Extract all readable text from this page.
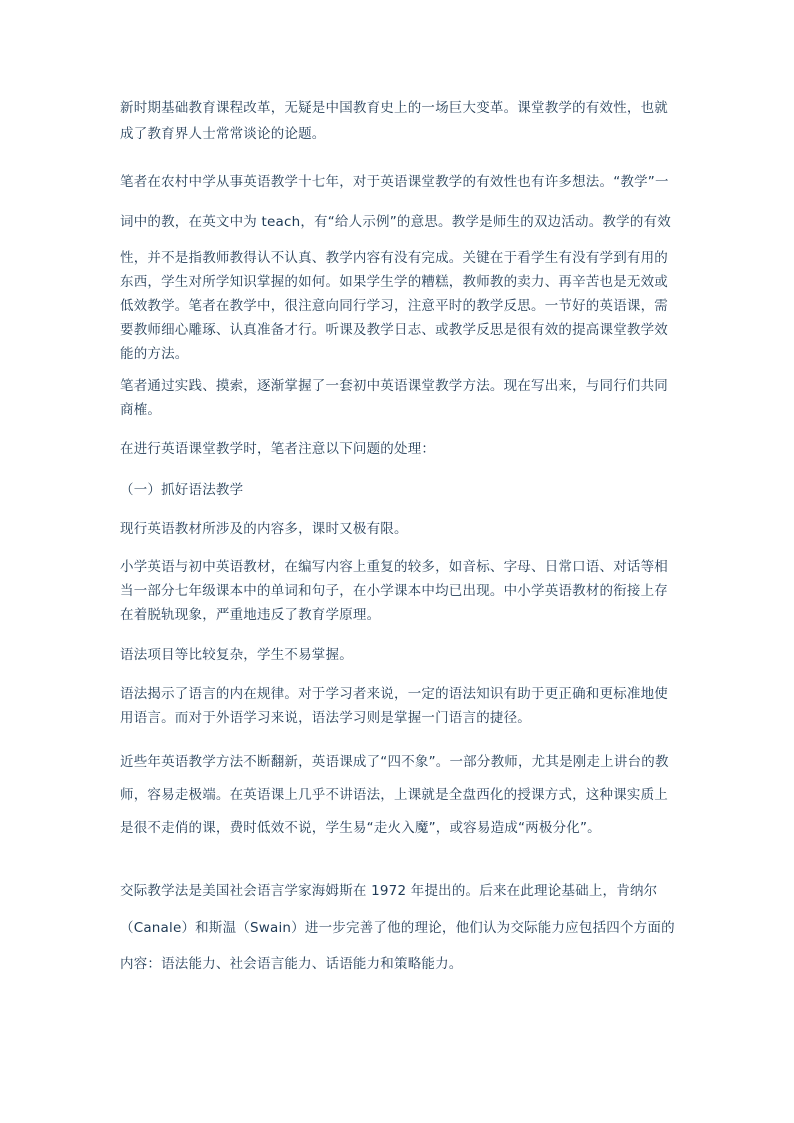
新时期基础教育课程改革，无疑是中国教育史上的一场巨大变革。课堂教学的有效性，也就

成了教育界人士常常谈论的论题。

笔者在农村中学从事英语教学十七年，对于英语课堂教学的有效性也有许多想法。“教学”一

词中的教，在英文中为 teach，有“给人示例”的意思。教学是师生的双边活动。教学的有效

性，并不是指教师教得认不认真、教学内容有没有完成。关键在于看学生有没有学到有用的

东西，学生对所学知识掌握的如何。如果学生学的糟糕，教师教的卖力、再辛苦也是无效或

低效教学。笔者在教学中，很注意向同行学习，注意平时的教学反思。一节好的英语课，需

要教师细心雕琢、认真准备才行。听课及教学日志、或教学反思是很有效的提高课堂教学效

能的方法。

笔者通过实践、摸索，逐渐掌握了一套初中英语课堂教学方法。现在写出来，与同行们共同

商榷。

在进行英语课堂教学时，笔者注意以下问题的处理：

（一）抓好语法教学

现行英语教材所涉及的内容多，课时又极有限。

小学英语与初中英语教材，在编写内容上重复的较多，如音标、字母、日常口语、对话等相

当一部分七年级课本中的单词和句子，在小学课本中均已出现。中小学英语教材的衔接上存

在着脱轨现象，严重地违反了教育学原理。

语法项目等比较复杂，学生不易掌握。

语法揭示了语言的内在规律。对于学习者来说，一定的语法知识有助于更正确和更标准地使

用语言。而对于外语学习来说，语法学习则是掌握一门语言的捷径。

近些年英语教学方法不断翻新，英语课成了“四不象”。一部分教师，尤其是刚走上讲台的教

师，容易走极端。在英语课上几乎不讲语法，上课就是全盘西化的授课方式，这种课实质上

是很不走俏的课，费时低效不说，学生易“走火入魔”，或容易造成“两极分化”。

交际教学法是美国社会语言学家海姆斯在 1972 年提出的。后来在此理论基础上，肯纳尔

（Canale）和斯温（Swain）进一步完善了他的理论，他们认为交际能力应包括四个方面的

内容：语法能力、社会语言能力、话语能力和策略能力。
